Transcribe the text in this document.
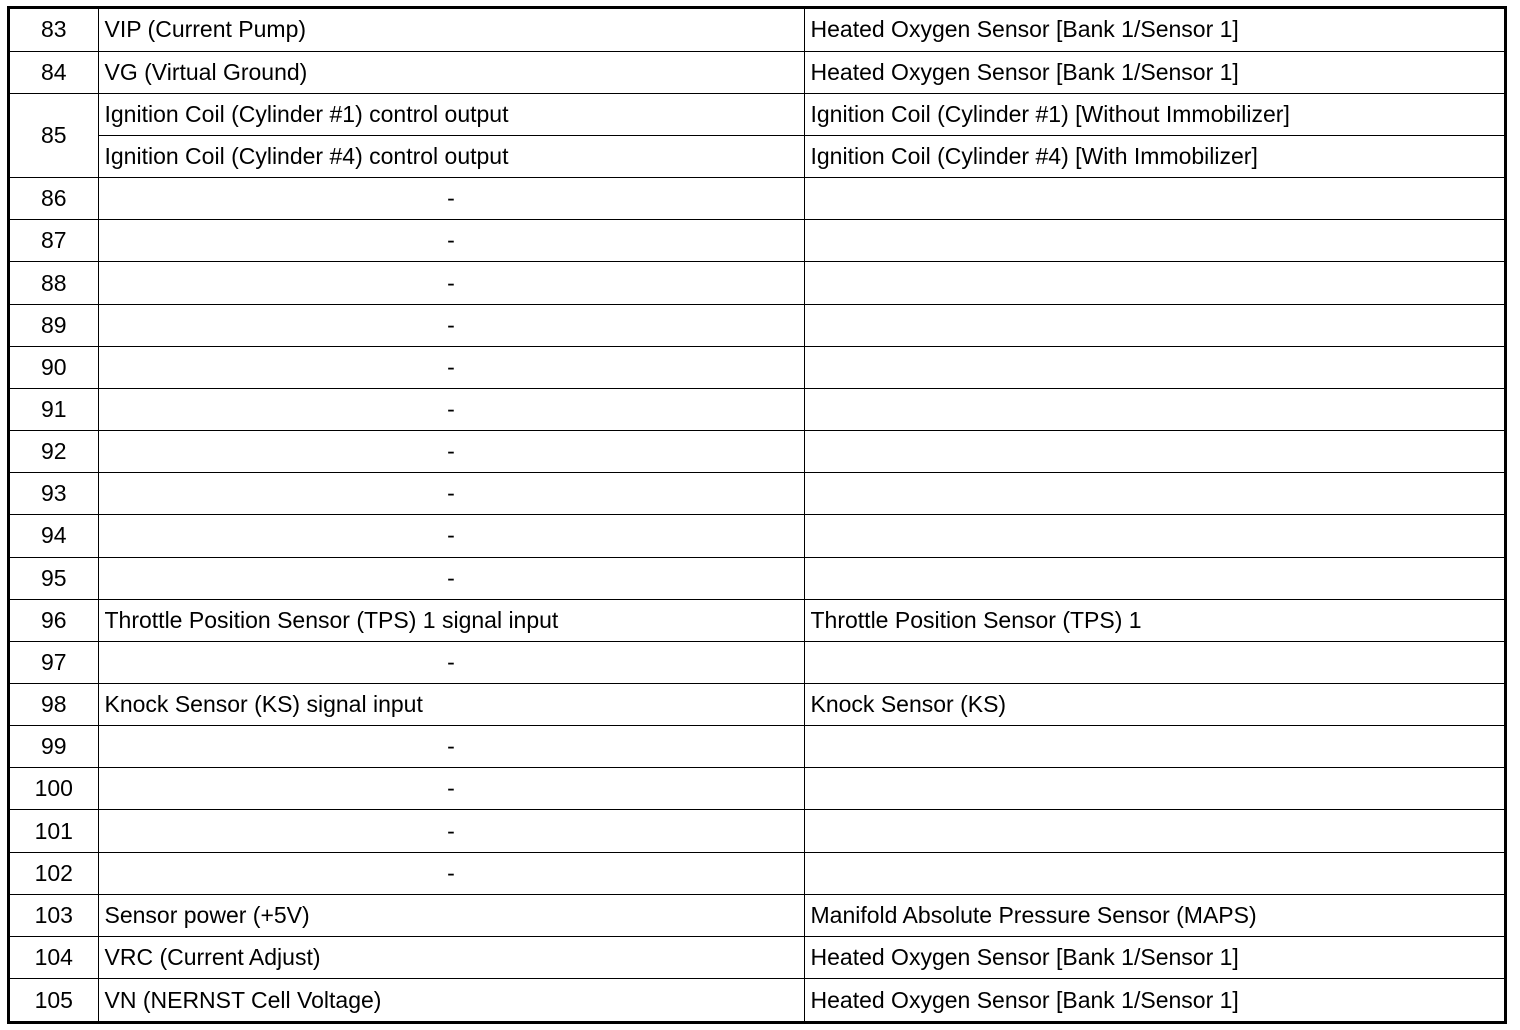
83	VIP (Current Pump)	Heated Oxygen Sensor [Bank 1/Sensor 1]
84	VG (Virtual Ground)	Heated Oxygen Sensor [Bank 1/Sensor 1]
85	Ignition Coil (Cylinder #1) control output	Ignition Coil (Cylinder #1) [Without Immobilizer]
	Ignition Coil (Cylinder #4) control output	Ignition Coil (Cylinder #4) [With Immobilizer]
86	-	
87	-	
88	-	
89	-	
90	-	
91	-	
92	-	
93	-	
94	-	
95	-	
96	Throttle Position Sensor (TPS) 1 signal input	Throttle Position Sensor (TPS) 1
97	-	
98	Knock Sensor (KS) signal input	Knock Sensor (KS)
99	-	
100	-	
101	-	
102	-	
103	Sensor power (+5V)	Manifold Absolute Pressure Sensor (MAPS)
104	VRC (Current Adjust)	Heated Oxygen Sensor [Bank 1/Sensor 1]
105	VN (NERNST Cell Voltage)	Heated Oxygen Sensor [Bank 1/Sensor 1]
